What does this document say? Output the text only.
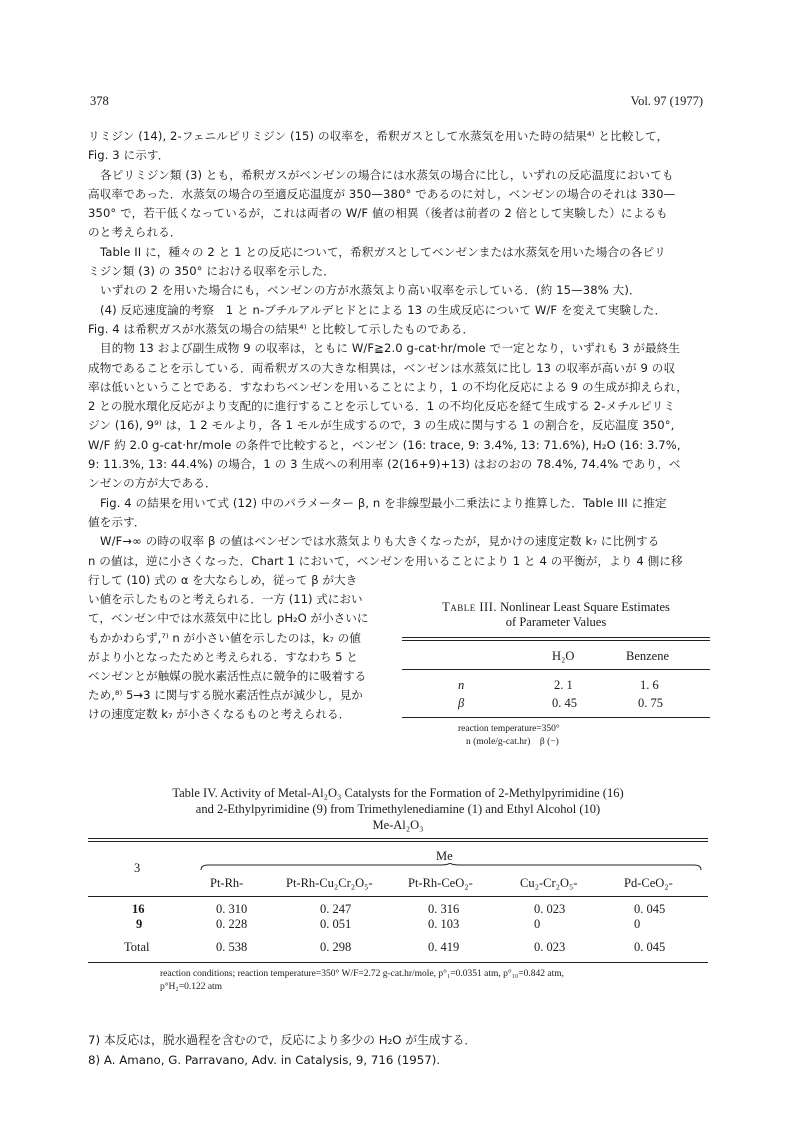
378	Vol. 97 (1977)
リミジン (14), 2-フェニルピリミジン (15) の収率を，希釈ガスとして水蒸気を用いた時の結果⁴⁾ と比較して，
Fig. 3 に示す．
各ピリミジン類 (3) とも，希釈ガスがベンゼンの場合には水蒸気の場合に比し，いずれの反応温度においても
高収率であった．水蒸気の場合の至適反応温度が 350—380° であるのに対し，ベンゼンの場合のそれは 330—
350° で，若干低くなっているが，これは両者の W/F 値の相異（後者は前者の 2 倍として実験した）によるも
のと考えられる．
Table II に，種々の 2 と 1 との反応について，希釈ガスとしてベンゼンまたは水蒸気を用いた場合の各ピリ
ミジン類 (3) の 350° における収率を示した．
いずれの 2 を用いた場合にも，ベンゼンの方が水蒸気より高い収率を示している．(約 15—38% 大)．
(4) 反応速度論的考察　1 と n-ブチルアルデヒドとによる 13 の生成反応について W/F を変えて実験した．
Fig. 4 は希釈ガスが水蒸気の場合の結果⁴⁾ と比較して示したものである．
目的物 13 および副生成物 9 の収率は，ともに W/F≧2.0 g-cat·hr/mole で一定となり，いずれも 3 が最終生
成物であることを示している．両希釈ガスの大きな相異は，ベンゼンは水蒸気に比し 13 の収率が高いが 9 の収
率は低いということである．すなわちベンゼンを用いることにより，1 の不均化反応による 9 の生成が抑えられ，
2 との脱水環化反応がより支配的に進行することを示している．1 の不均化反応を経て生成する 2-メチルピリミ
ジン (16), 9⁹⁾ は，1 2 モルより，各 1 モルが生成するので，3 の生成に関与する 1 の割合を，反応温度 350°,
W/F 約 2.0 g-cat·hr/mole の条件で比較すると，ベンゼン (16: trace, 9: 3.4%, 13: 71.6%), H₂O (16: 3.7%,
9: 11.3%, 13: 44.4%) の場合，1 の 3 生成への利用率 (2(16+9)+13) はおのおの 78.4%, 74.4% であり，ベ
ンゼンの方が大である．
Fig. 4 の結果を用いて式 (12) 中のパラメーター β, n を非線型最小二乗法により推算した．Table III に推定
値を示す．
W/F→∞ の時の収率 β の値はベンゼンでは水蒸気よりも大きくなったが，見かけの速度定数 k₇ に比例する
n の値は，逆に小さくなった．Chart 1 において，ベンゼンを用いることにより 1 と 4 の平衡が，より 4 側に移
行して (10) 式の α を大ならしめ，従って β が大き
い値を示したものと考えられる．一方 (11) 式におい
て，ベンゼン中では水蒸気中に比し pH₂O が小さいに
もかかわらず,⁷⁾ n が小さい値を示したのは，k₇ の値
がより小となったためと考えられる．すなわち 5 と
ベンゼンとが触媒の脱水素活性点に競争的に吸着する
ため,⁸⁾ 5→3 に関与する脱水素活性点が減少し，見か
けの速度定数 k₇ が小さくなるものと考えられる．
Table III. Nonlinear Least Square Estimates
of Parameter Values
H₂O	Benzene
n	2. 1	1. 6
β	0. 45	0. 75
reaction temperature=350°
n (mole/g-cat.hr)　β (−)
Table IV. Activity of Metal-Al₂O₃ Catalysts for the Formation of 2-Methylpyrimidine (16)
and 2-Ethylpyrimidine (9) from Trimethylenediamine (1) and Ethyl Alcohol (10)
Me-Al₂O₃
Me
3
Pt-Rh-	Pt-Rh-Cu₂Cr₂O₅-	Pt-Rh-CeO₂-	Cu₂-Cr₂O₅-	Pd-CeO₂-
16	0. 310	0. 247	0. 316	0. 023	0. 045
9	0. 228	0. 051	0. 103	0	0
Total	0. 538	0. 298	0. 419	0. 023	0. 045
reaction conditions; reaction temperature=350° W/F=2.72 g-cat.hr/mole, p°₁=0.0351 atm, p°₁₀=0.842 atm,
p°H₂=0.122 atm
7) 本反応は，脱水過程を含むので，反応により多少の H₂O が生成する．
8) A. Amano, G. Parravano, Adv. in Catalysis, 9, 716 (1957).
